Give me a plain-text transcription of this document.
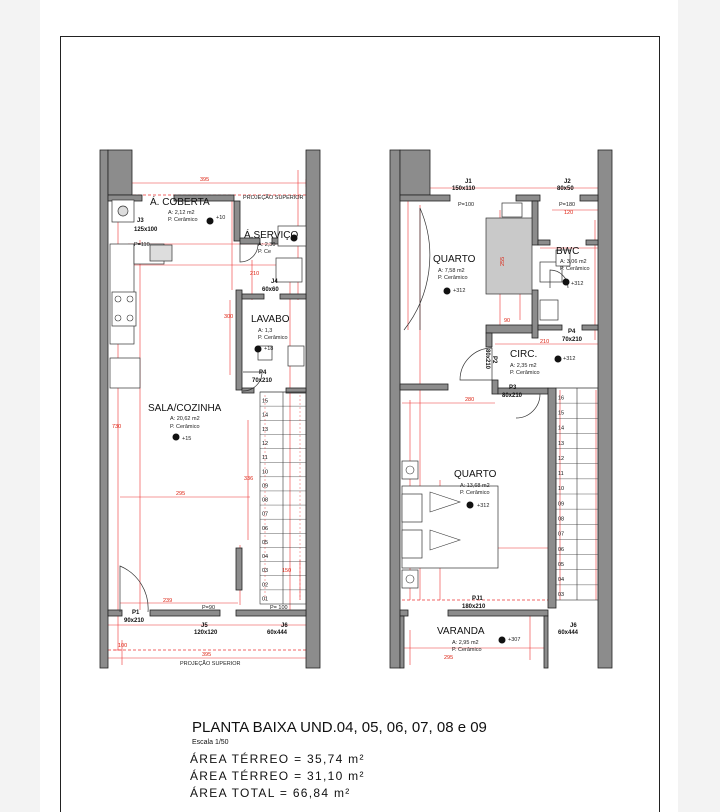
Á. COBERTA
A: 2,12 m2
P. Cerâmico	+10
PROJEÇÃO SUPERIOR
Á.SERVIÇO
A: 2,30
P. Ce
LAVABO
A: 1,3
P. Cerâmico
+18
SALA/COZINHA
A: 20,62 m2
P. Cerâmico
+15
J3
125x100
P=110
J4
60x60
P4
70x210
P1
90x210
P=90
J5
120x120
P= 100
J6
60x444
PROJEÇÃO SUPERIOR
395
295
239
395
730
336
300
210
150
100
15
14
13
12
11
10
09
08
07
06
05
04
03
02
01
QUARTO
A: 7,58 m2
P. Cerâmico
+312
BWC
A: 3,06 m2
P. Cerâmico
+312
CIRC.
A: 2,35 m2
P. Cerâmico
+312
QUARTO
A: 13,68 m2
P. Cerâmico
+312
VARANDA
A: 2,95 m2
P. Cerâmico
+307
J1
150x110
J2
80x50
P=100	P=180
P4
70x210
P3
80x210
P2
80x210
PJ1
180x210
J6
60x444
255
280
120
210
90
295
16
15
14
13
12
11
10
09
08
07
06
05
04
03
PLANTA BAIXA UND.04, 05, 06, 07, 08 e 09
Escala 1/50
ÁREA TÉRREO = 35,74 m²
ÁREA TÉRREO = 31,10 m²
ÁREA TOTAL = 66,84 m²
